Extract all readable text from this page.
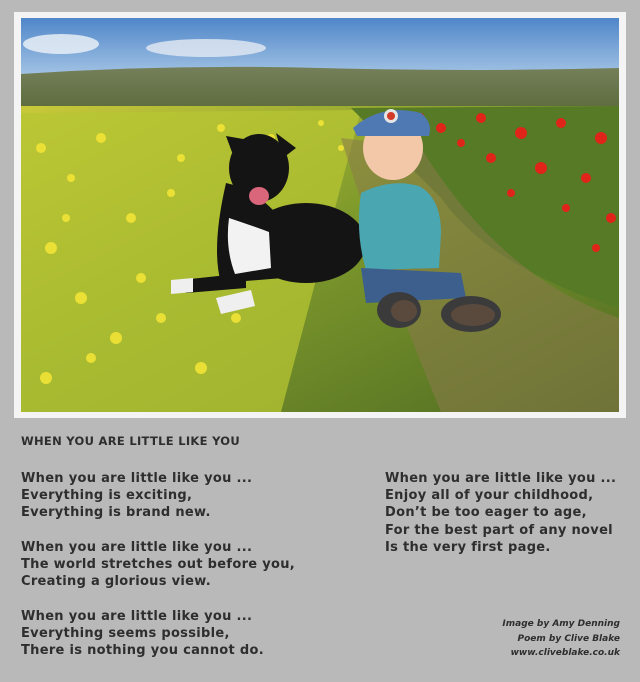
WHEN YOU ARE LITTLE LIKE YOU
When you are little like you ...
Everything is exciting,
Everything is brand new.
When you are little like you ...
The world stretches out before you,
Creating a glorious view.
When you are little like you ...
Everything seems possible,
There is nothing you cannot do.
When you are little like you ...
Enjoy all of your childhood,
Don’t be too eager to age,
For the best part of any novel
Is the very first page.
Image by Amy Denning
Poem by Clive Blake
www.cliveblake.co.uk
